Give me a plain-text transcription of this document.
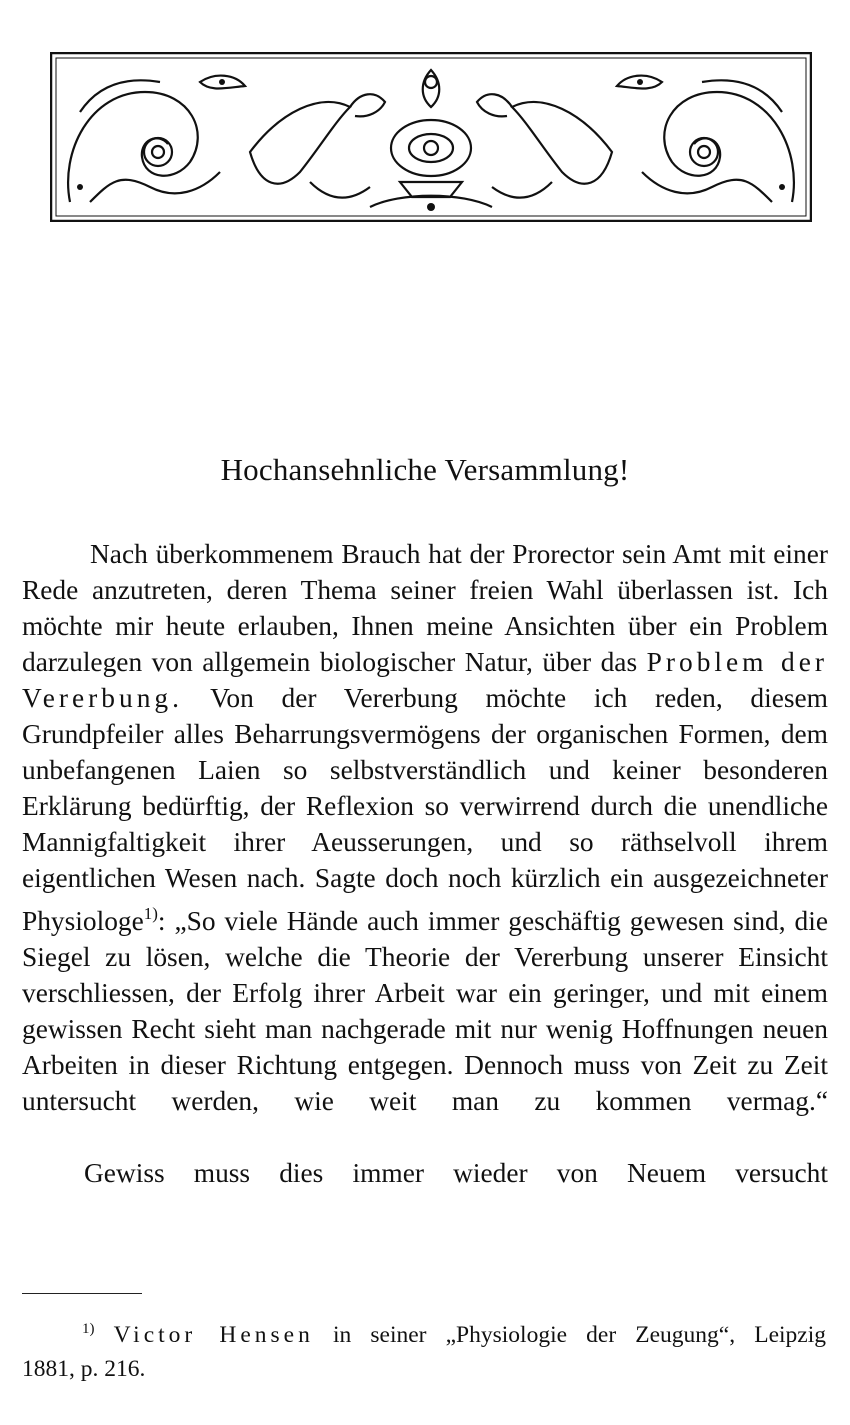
Hochansehnliche Versammlung!

Nach überkommenem Brauch hat der Prorector sein Amt mit einer Rede anzutreten, deren Thema seiner freien Wahl überlassen ist. Ich möchte mir heute erlauben, Ihnen meine Ansichten über ein Problem darzulegen von allgemein biologischer Natur, über das Problem der Vererbung. Von der Vererbung möchte ich reden, diesem Grundpfeiler alles Beharrungsvermögens der organischen Formen, dem unbefangenen Laien so selbstverständlich und keiner besonderen Erklärung bedürftig, der Reflexion so verwirrend durch die unendliche Mannigfaltigkeit ihrer Aeusserungen, und so räthselvoll ihrem eigentlichen Wesen nach. Sagte doch noch kürzlich ein ausgezeichneter Physiologe$^{1)}$: „So viele Hände auch immer geschäftig gewesen sind, die Siegel zu lösen, welche die Theorie der Vererbung unserer Einsicht verschliessen, der Erfolg ihrer Arbeit war ein geringer, und mit einem gewissen Recht sieht man nachgerade mit nur wenig Hoffnungen neuen Arbeiten in dieser Richtung entgegen. Dennoch muss von Zeit zu Zeit untersucht werden, wie weit man zu kommen vermag.“

Gewiss muss dies immer wieder von Neuem versucht

$^{1)}$ Victor Hensen in seiner „Physiologie der Zeugung“, Leipzig
1881, p. 216.
